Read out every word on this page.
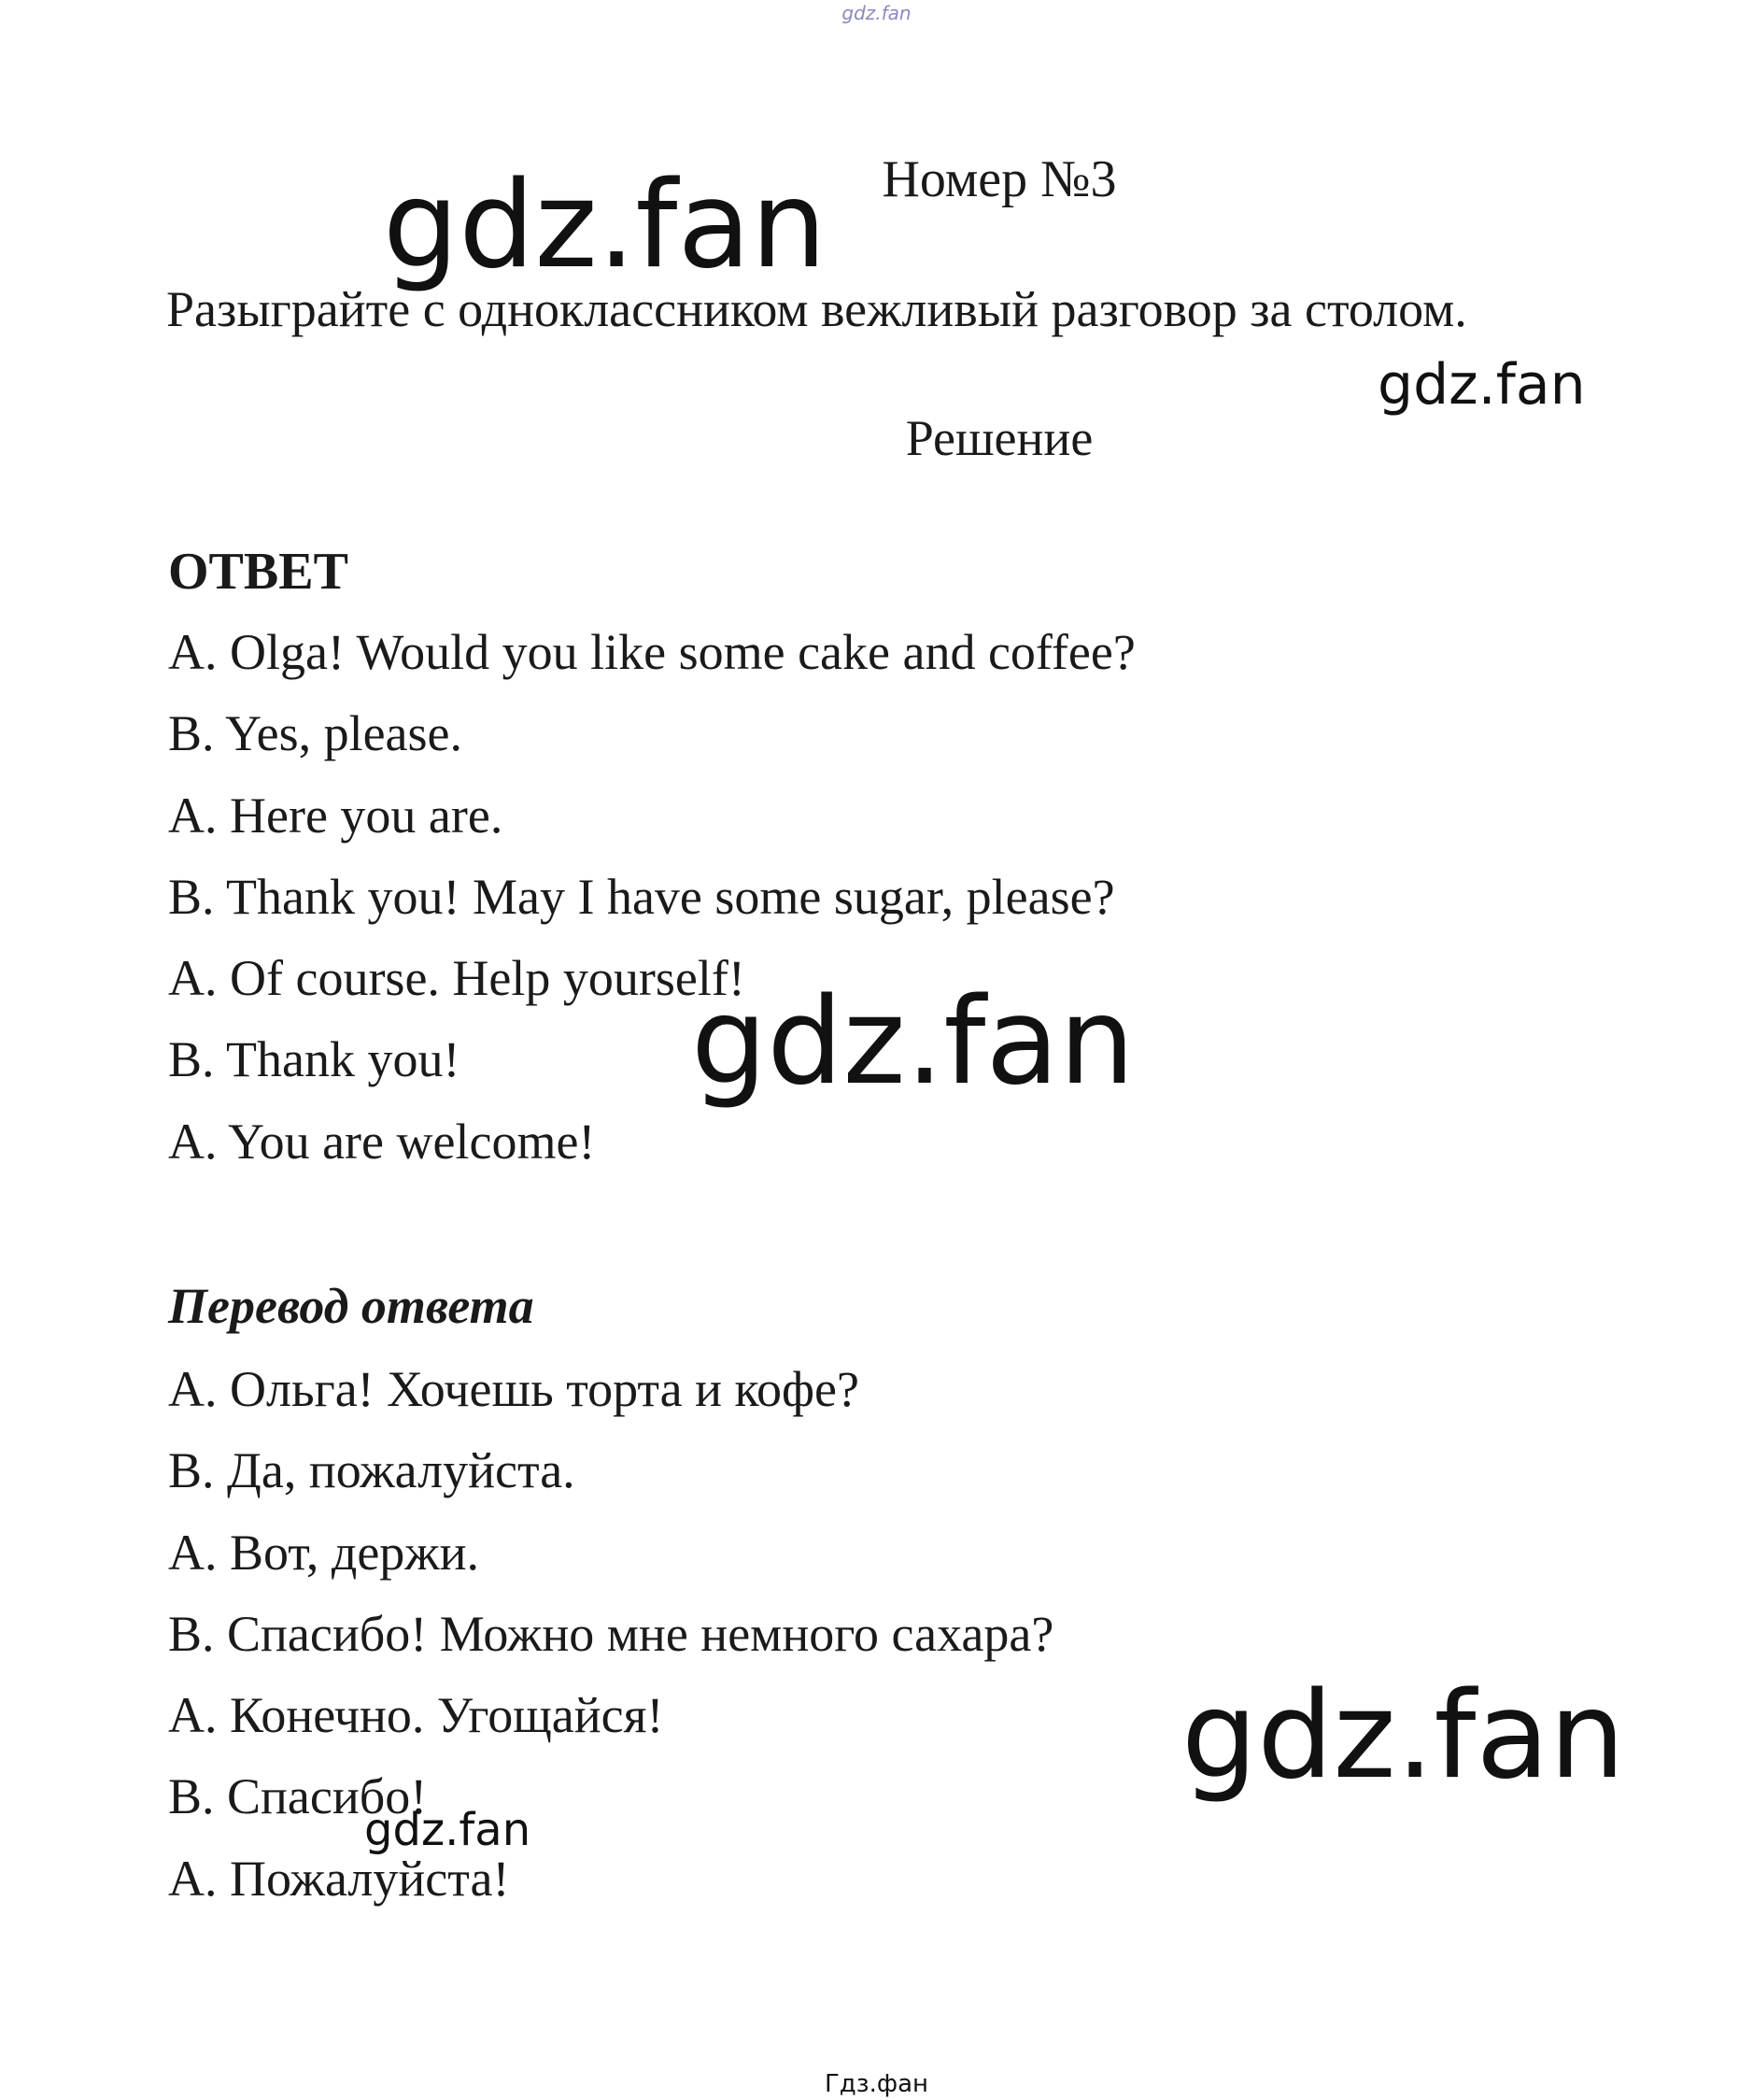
gdz.fan
Номер №3
Разыграйте с одноклассником вежливый разговор за столом.
Решение
ОТВЕТ
A. Olga! Would you like some cake and coffee?
B. Yes, please.
A. Here you are.
B. Thank you! May I have some sugar, please?
A. Of course. Help yourself!
B. Thank you!
A. You are welcome!
Перевод ответа
A. Ольга! Хочешь торта и кофе?
B. Да, пожалуйста.
A. Вот, держи.
B. Спасибо! Можно мне немного сахара?
A. Конечно. Угощайся!
B. Спасибо!
A. Пожалуйста!
gdz.fan
gdz.fan
gdz.fan
gdz.fan
gdz.fan
Гдз.фан
